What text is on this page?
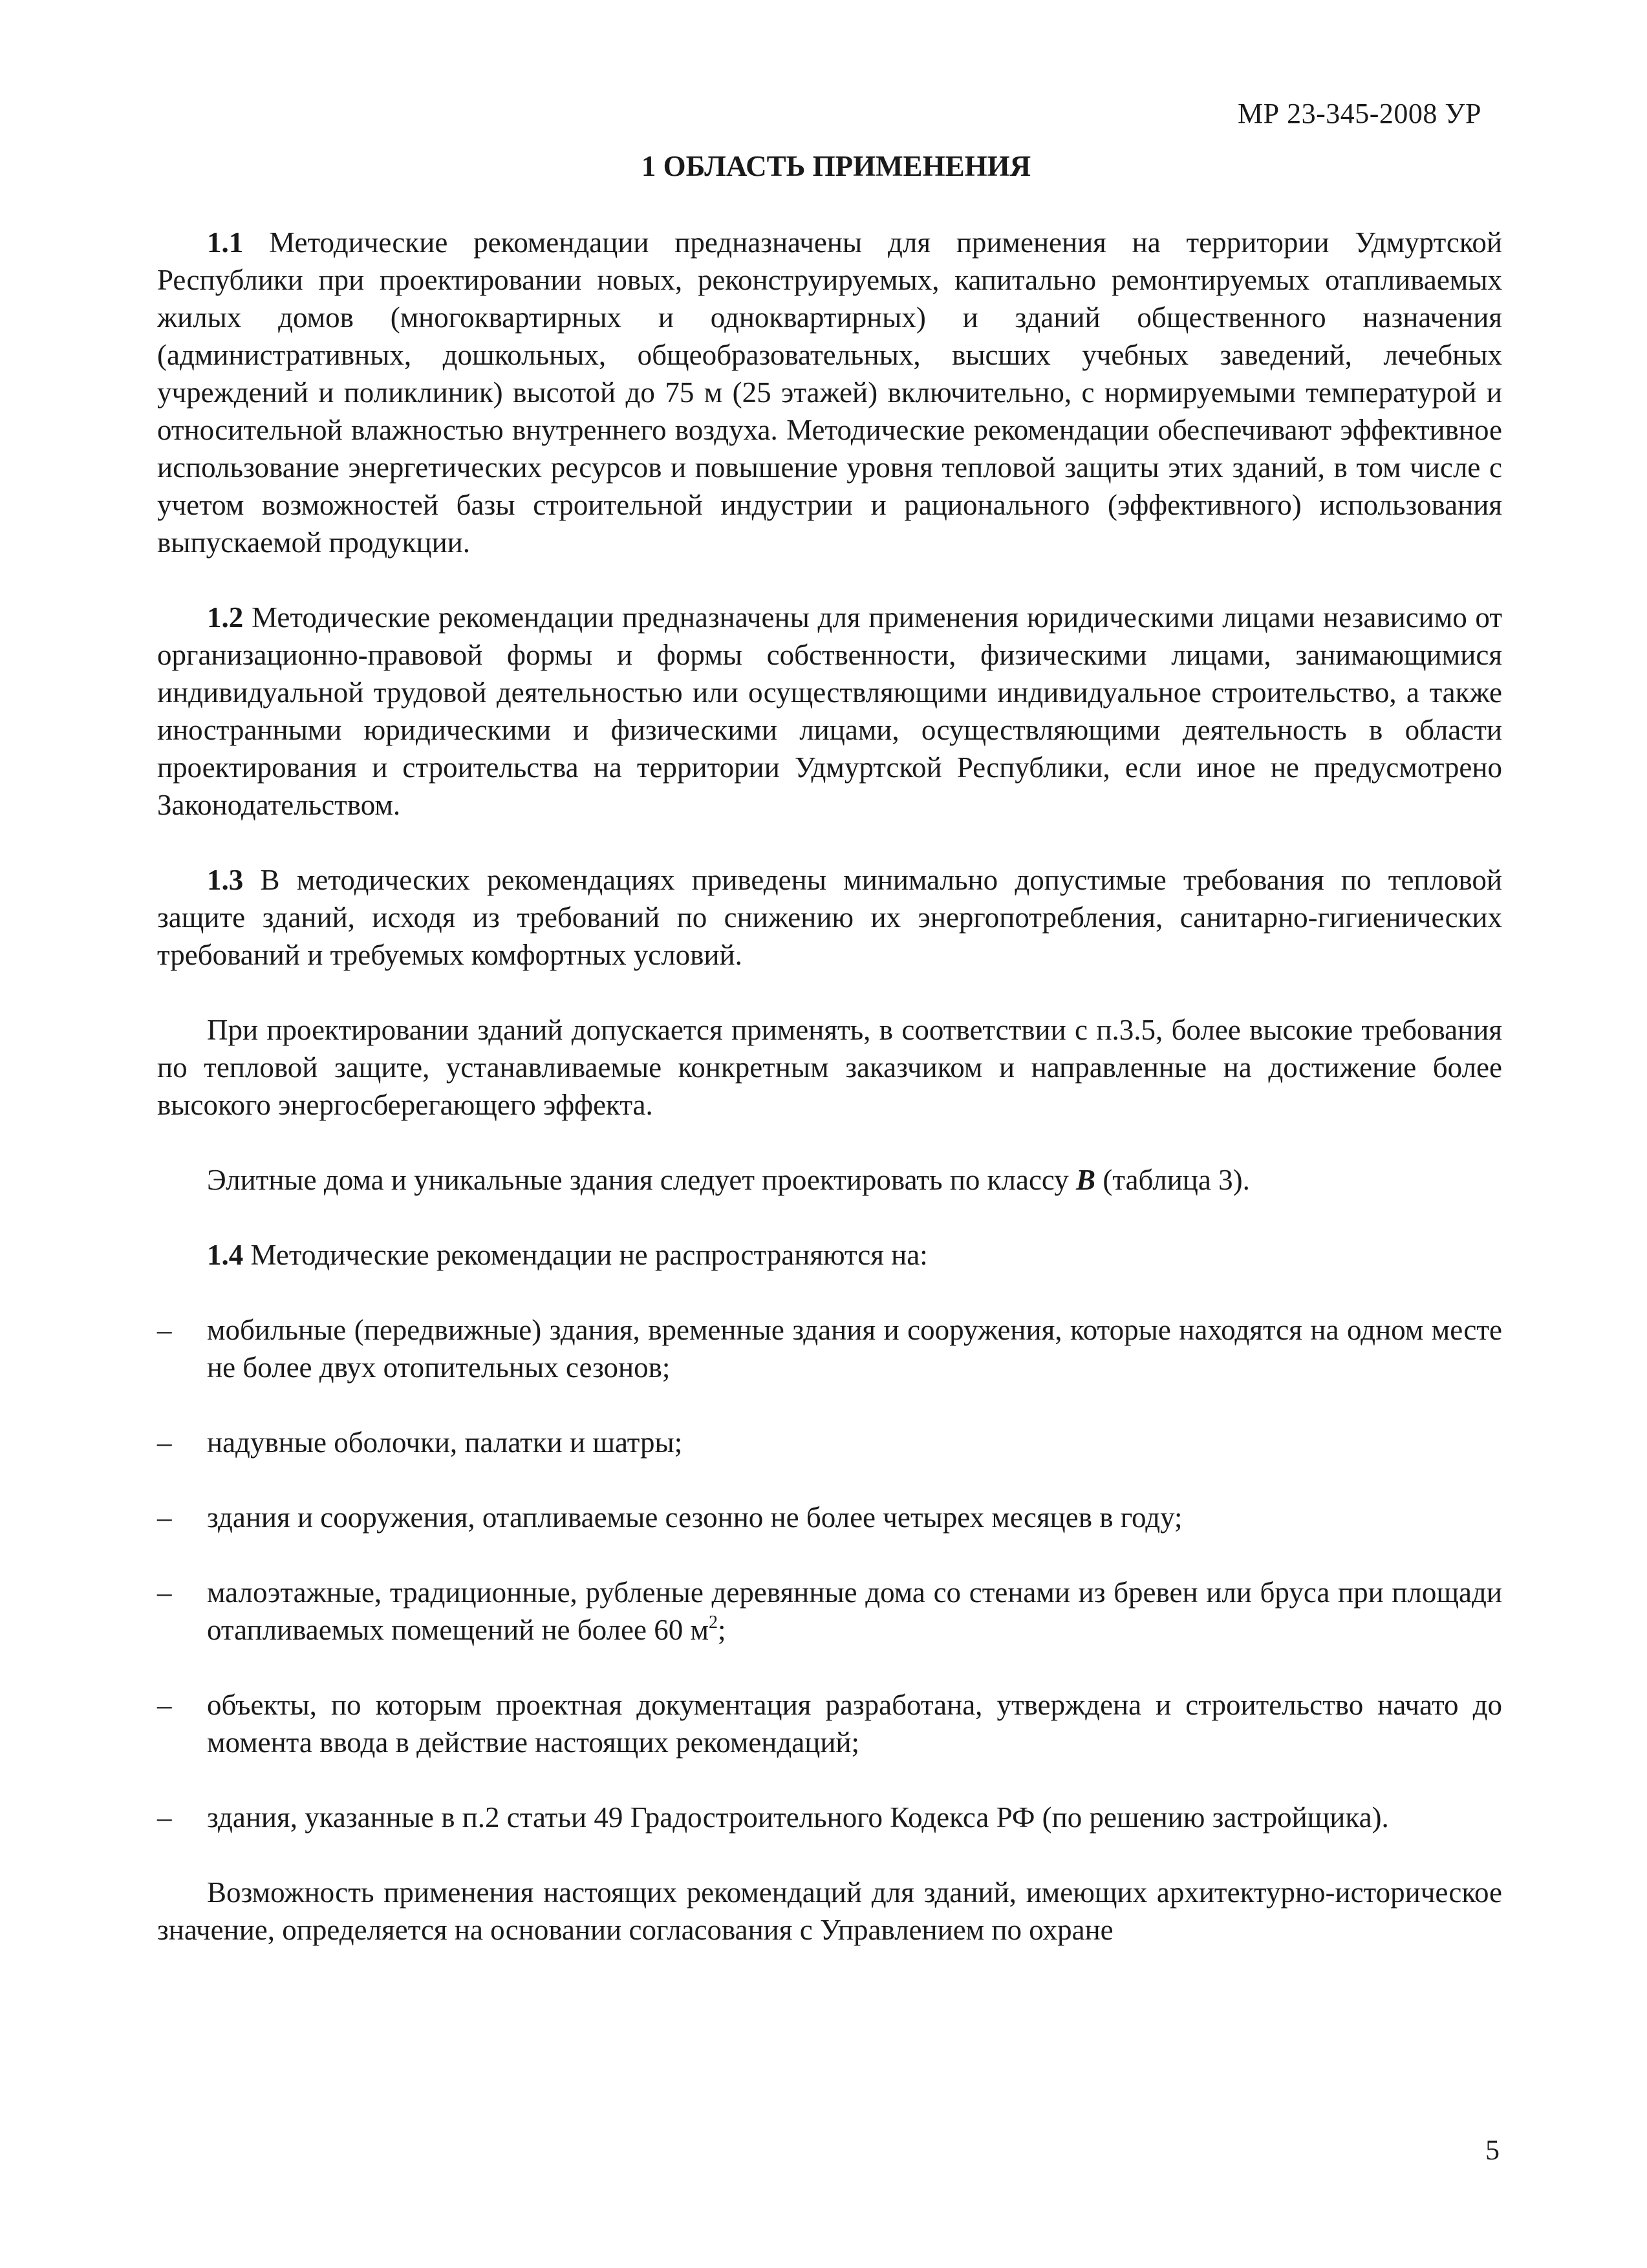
МР 23-345-2008 УР
1 ОБЛАСТЬ ПРИМЕНЕНИЯ

1.1 Методические рекомендации предназначены для применения на территории Удмуртской Республики при проектировании новых, реконструируемых, капитально ремонтируемых отапливаемых жилых домов (многоквартирных и одноквартирных) и зданий общественного назначения (административных, дошкольных, общеобразовательных, высших учебных заведений, лечебных учреждений и поликлиник) высотой до 75 м (25 этажей) включительно, с нормируемыми температурой и относительной влажностью внутреннего воздуха. Методические рекомендации обеспечивают эффективное использование энергетических ресурсов и повышение уровня тепловой защиты этих зданий, в том числе с учетом возможностей базы строительной индустрии и рационального (эффективного) использования выпускаемой продукции.

1.2 Методические рекомендации предназначены для применения юридическими лицами независимо от организационно-правовой формы и формы собственности, физическими лицами, занимающимися индивидуальной трудовой деятельностью или осуществляющими индивидуальное строительство, а также иностранными юридическими и физическими лицами, осуществляющими деятельность в области проектирования и строительства на территории Удмуртской Республики, если иное не предусмотрено Законодательством.

1.3 В методических рекомендациях приведены минимально допустимые требования по тепловой защите зданий, исходя из требований по снижению их энергопотребления, санитарно-гигиенических требований и требуемых комфортных условий.

При проектировании зданий допускается применять, в соответствии с п.3.5, более высокие требования по тепловой защите, устанавливаемые конкретным заказчиком и направленные на достижение более высокого энергосберегающего эффекта.

Элитные дома и уникальные здания следует проектировать по классу В (таблица 3).

1.4 Методические рекомендации не распространяются на:

– мобильные (передвижные) здания, временные здания и сооружения, которые находятся на одном месте не более двух отопительных сезонов;
– надувные оболочки, палатки и шатры;
– здания и сооружения, отапливаемые сезонно не более четырех месяцев в году;
– малоэтажные, традиционные, рубленые деревянные дома со стенами из бревен или бруса при площади отапливаемых помещений не более 60 $м^2$;
– объекты, по которым проектная документация разработана, утверждена и строительство начато до момента ввода в действие настоящих рекомендаций;
– здания, указанные в п.2 статьи 49 Градостроительного Кодекса РФ (по решению застройщика).

Возможность применения настоящих рекомендаций для зданий, имеющих архитектурно-историческое значение, определяется на основании согласования с Управлением по охране

5
